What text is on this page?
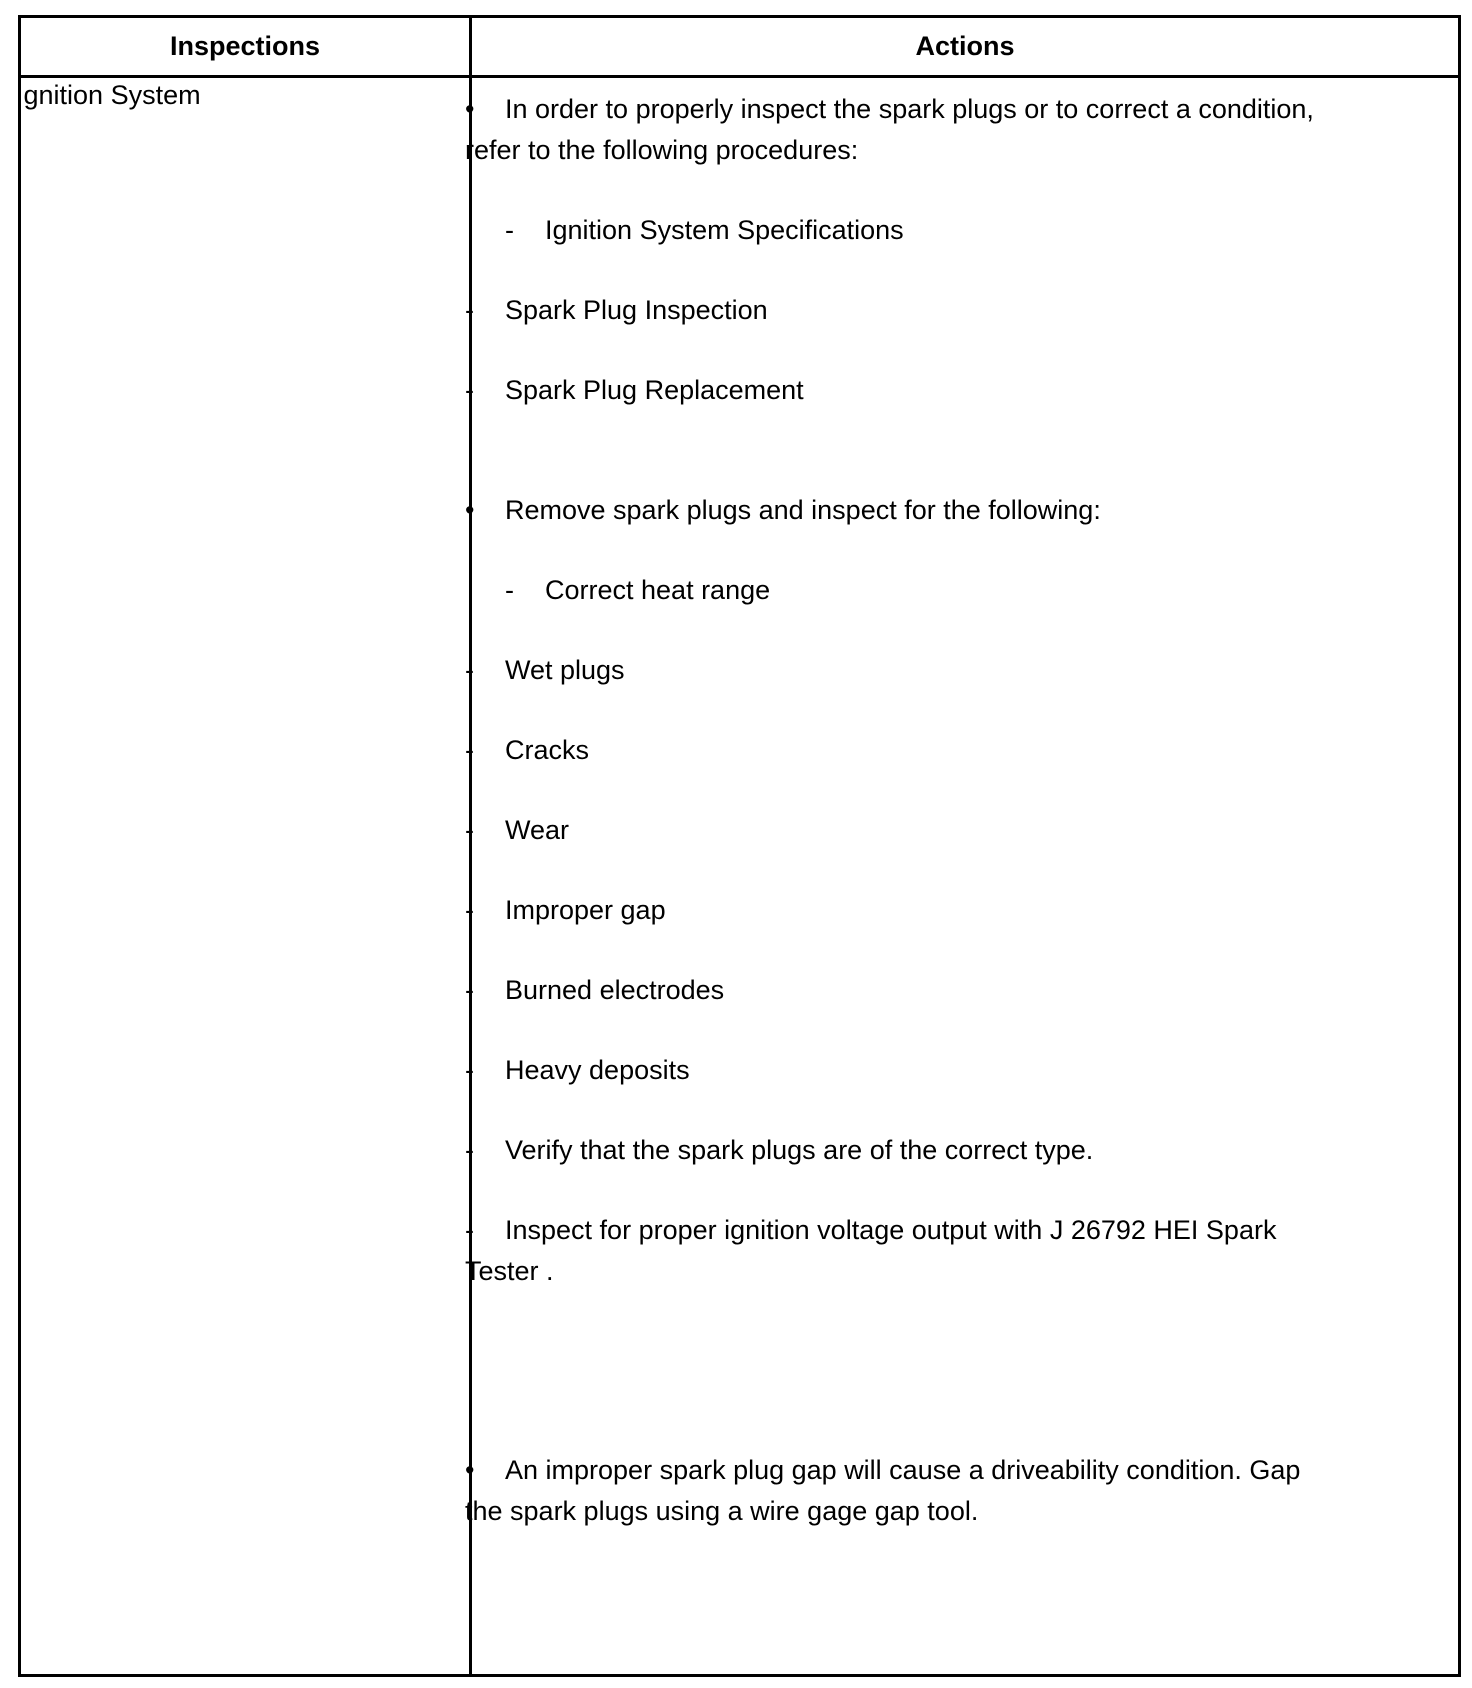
Inspections	Actions
Ignition System	• In order to properly inspect the spark plugs or to correct a condition,
refer to the following procedures:
- Ignition System Specifications
- Spark Plug Inspection
- Spark Plug Replacement
• Remove spark plugs and inspect for the following:
- Correct heat range
- Wet plugs
- Cracks
- Wear
- Improper gap
- Burned electrodes
- Heavy deposits
- Verify that the spark plugs are of the correct type.
- Inspect for proper ignition voltage output with J 26792 HEI Spark
Tester .
• An improper spark plug gap will cause a driveability condition. Gap
the spark plugs using a wire gage gap tool.
